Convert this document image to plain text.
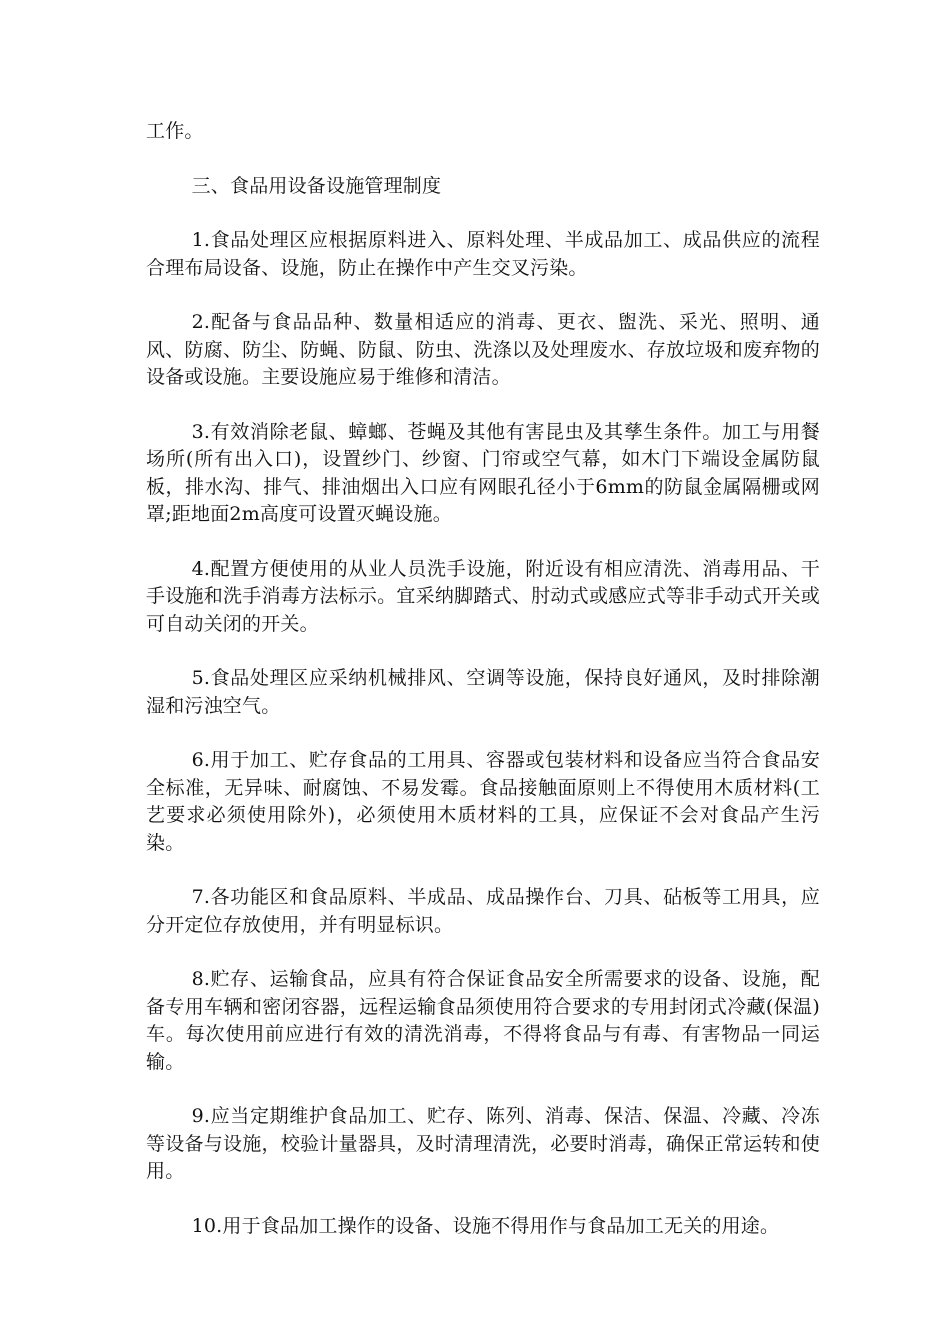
工作。

三、食品用设备设施管理制度

1.食品处理区应根据原料进入、原料处理、半成品加工、成品供应的流程合理布局设备、设施，防止在操作中产生交叉污染。

2.配备与食品品种、数量相适应的消毒、更衣、盥洗、采光、照明、通风、防腐、防尘、防蝇、防鼠、防虫、洗涤以及处理废水、存放垃圾和废弃物的设备或设施。主要设施应易于维修和清洁。

3.有效消除老鼠、蟑螂、苍蝇及其他有害昆虫及其孳生条件。加工与用餐场所(所有出入口)，设置纱门、纱窗、门帘或空气幕，如木门下端设金属防鼠板，排水沟、排气、排油烟出入口应有网眼孔径小于6mm的防鼠金属隔栅或网罩;距地面2m高度可设置灭蝇设施。

4.配置方便使用的从业人员洗手设施，附近设有相应清洗、消毒用品、干手设施和洗手消毒方法标示。宜采纳脚踏式、肘动式或感应式等非手动式开关或可自动关闭的开关。

5.食品处理区应采纳机械排风、空调等设施，保持良好通风，及时排除潮湿和污浊空气。

6.用于加工、贮存食品的工用具、容器或包装材料和设备应当符合食品安全标准，无异味、耐腐蚀、不易发霉。食品接触面原则上不得使用木质材料(工艺要求必须使用除外)，必须使用木质材料的工具，应保证不会对食品产生污染。

7.各功能区和食品原料、半成品、成品操作台、刀具、砧板等工用具，应分开定位存放使用，并有明显标识。

8.贮存、运输食品，应具有符合保证食品安全所需要求的设备、设施，配备专用车辆和密闭容器，远程运输食品须使用符合要求的专用封闭式冷藏(保温)车。每次使用前应进行有效的清洗消毒，不得将食品与有毒、有害物品一同运输。

9.应当定期维护食品加工、贮存、陈列、消毒、保洁、保温、冷藏、冷冻等设备与设施，校验计量器具，及时清理清洗，必要时消毒，确保正常运转和使用。

10.用于食品加工操作的设备、设施不得用作与食品加工无关的用途。
